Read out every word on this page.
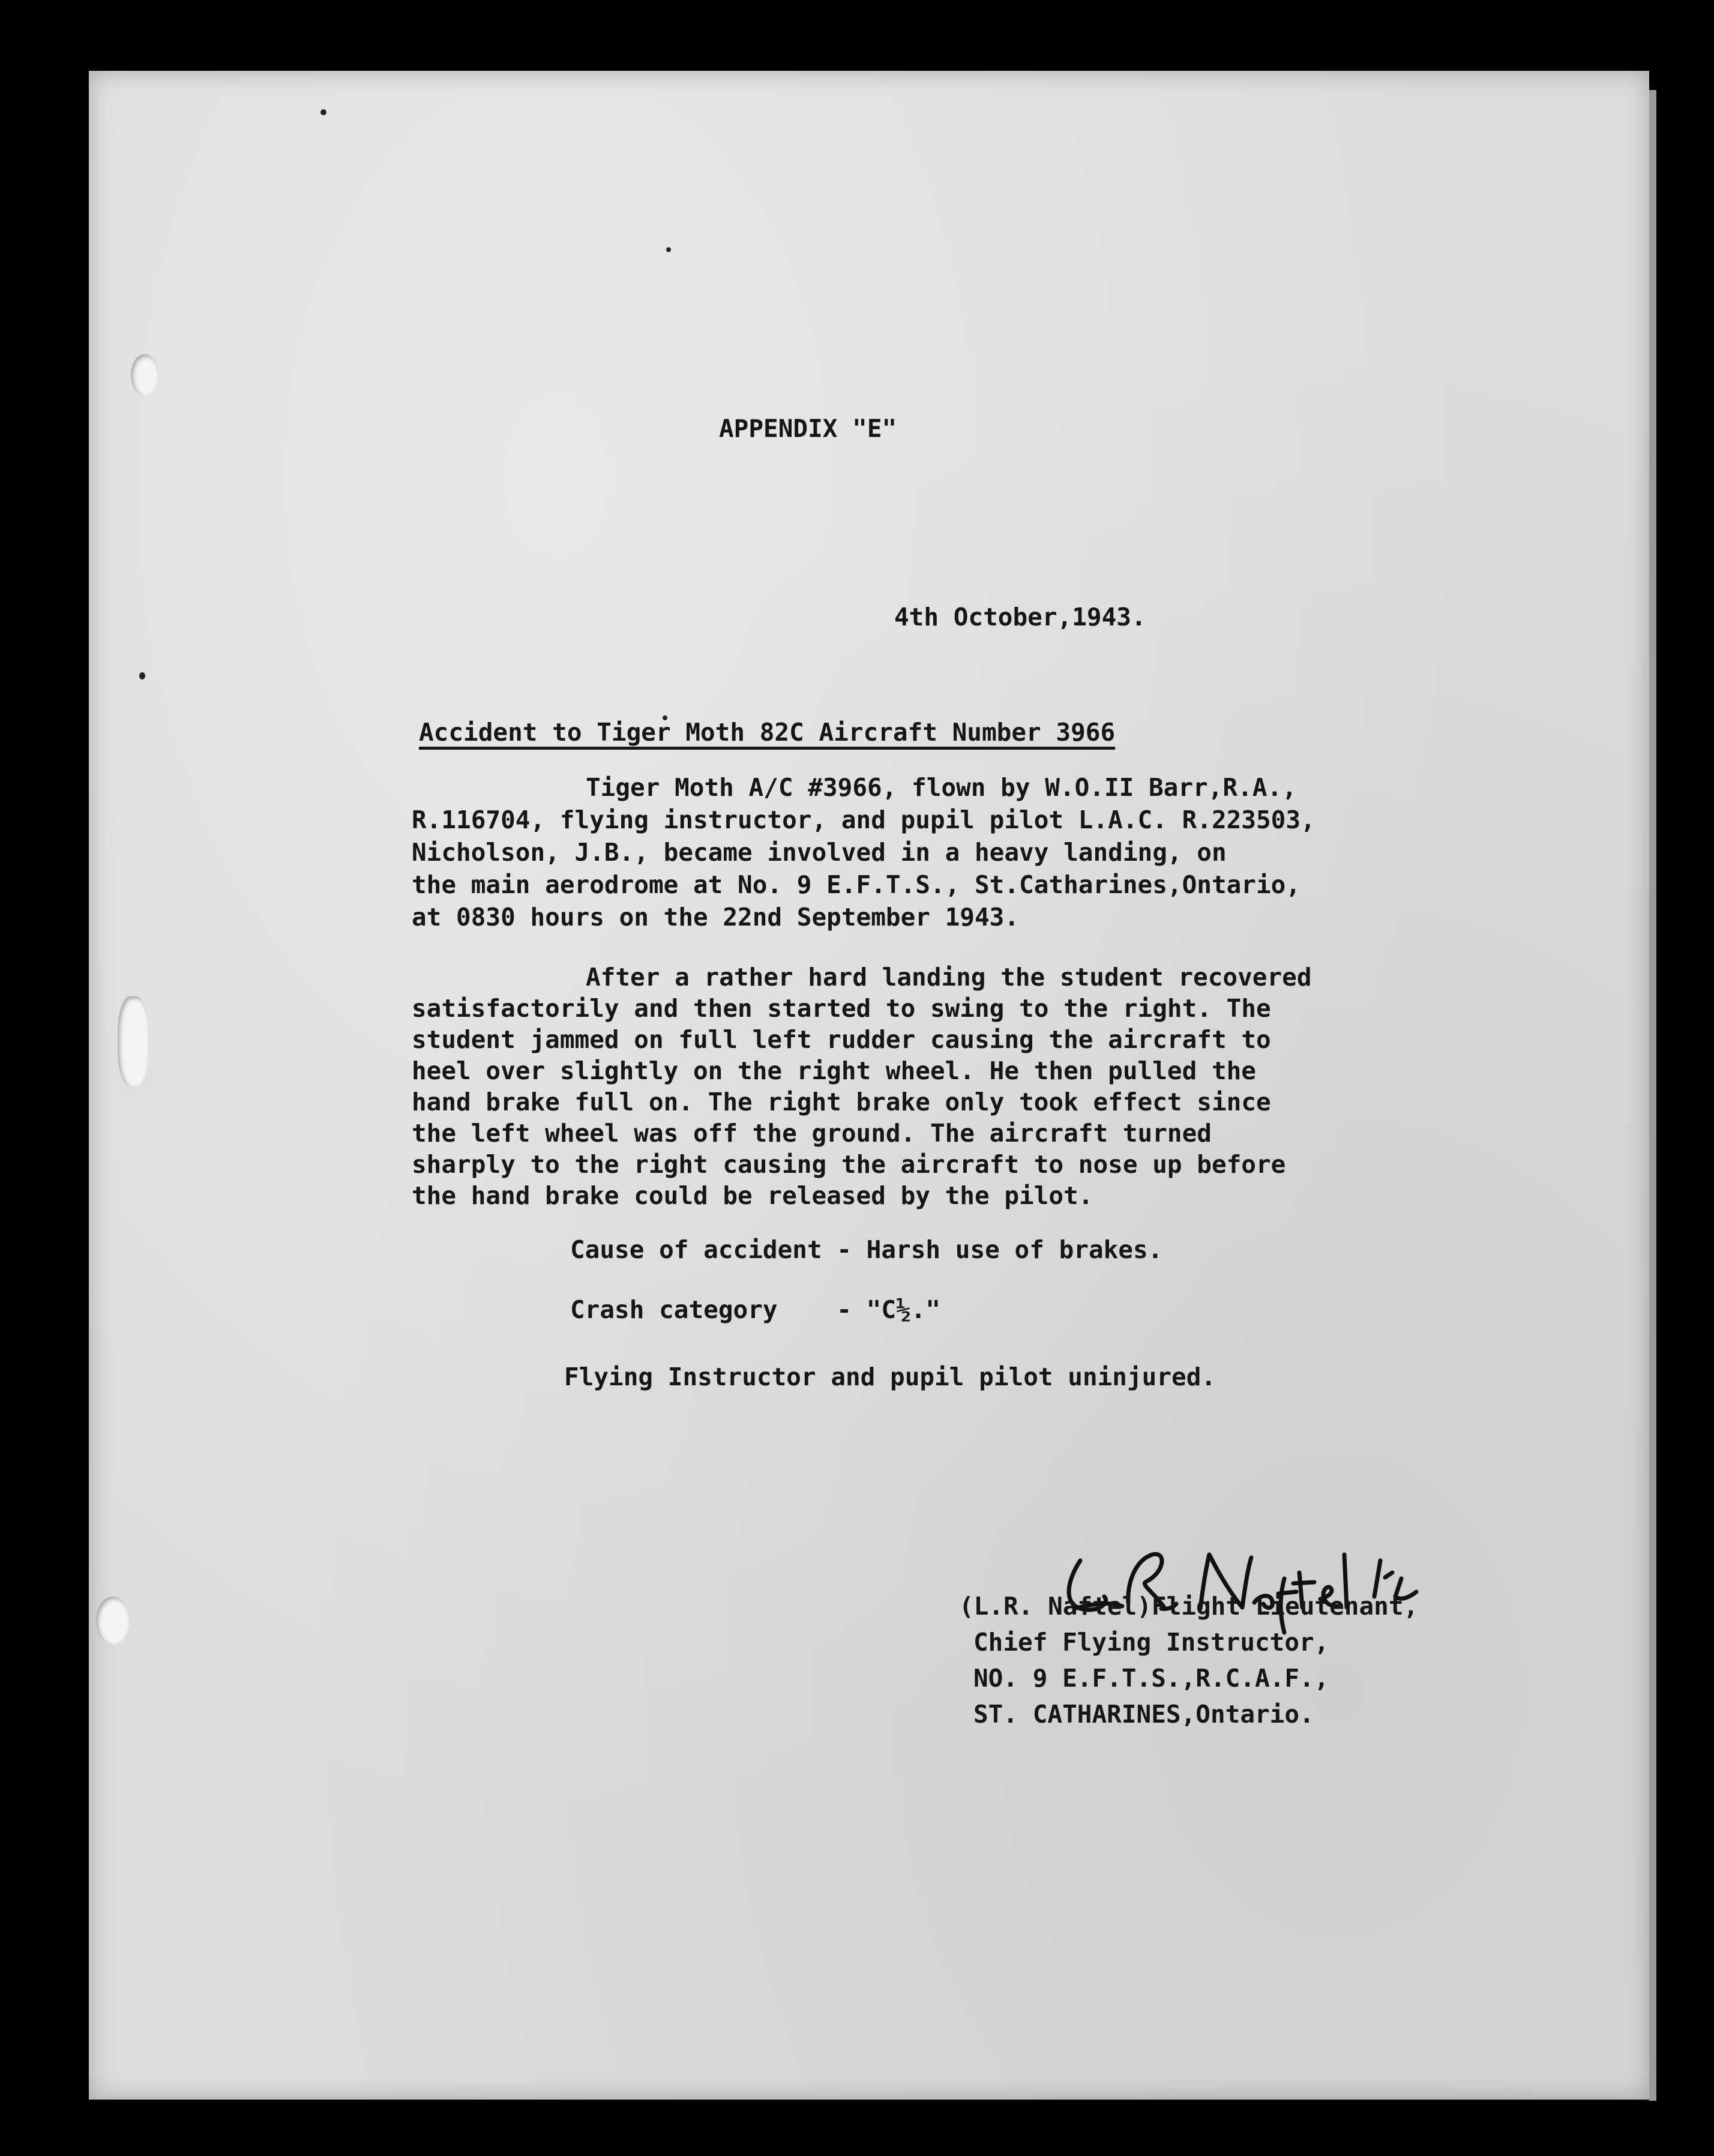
APPENDIX "E"

4th October,1943.

Accident to Tiger Moth 82C Aircraft Number 3966

Tiger Moth A/C #3966, flown by W.O.II Barr,R.A.,

R.116704, flying instructor, and pupil pilot L.A.C. R.223503,

Nicholson, J.B., became involved in a heavy landing, on

the main aerodrome at No. 9 E.F.T.S., St.Catharines,Ontario,

at 0830 hours on the 22nd September 1943.

After a rather hard landing the student recovered

satisfactorily and then started to swing to the right. The

student jammed on full left rudder causing the aircraft to

heel over slightly on the right wheel. He then pulled the

hand brake full on. The right brake only took effect since

the left wheel was off the ground. The aircraft turned

sharply to the right causing the aircraft to nose up before

the hand brake could be released by the pilot.

Cause of accident - Harsh use of brakes.

Crash category    - "C½."

Flying Instructor and pupil pilot uninjured.

(L.R. Naftel)Flight Lieutenant,

Chief Flying Instructor,

NO. 9 E.F.T.S.,R.C.A.F.,

ST. CATHARINES,Ontario.
